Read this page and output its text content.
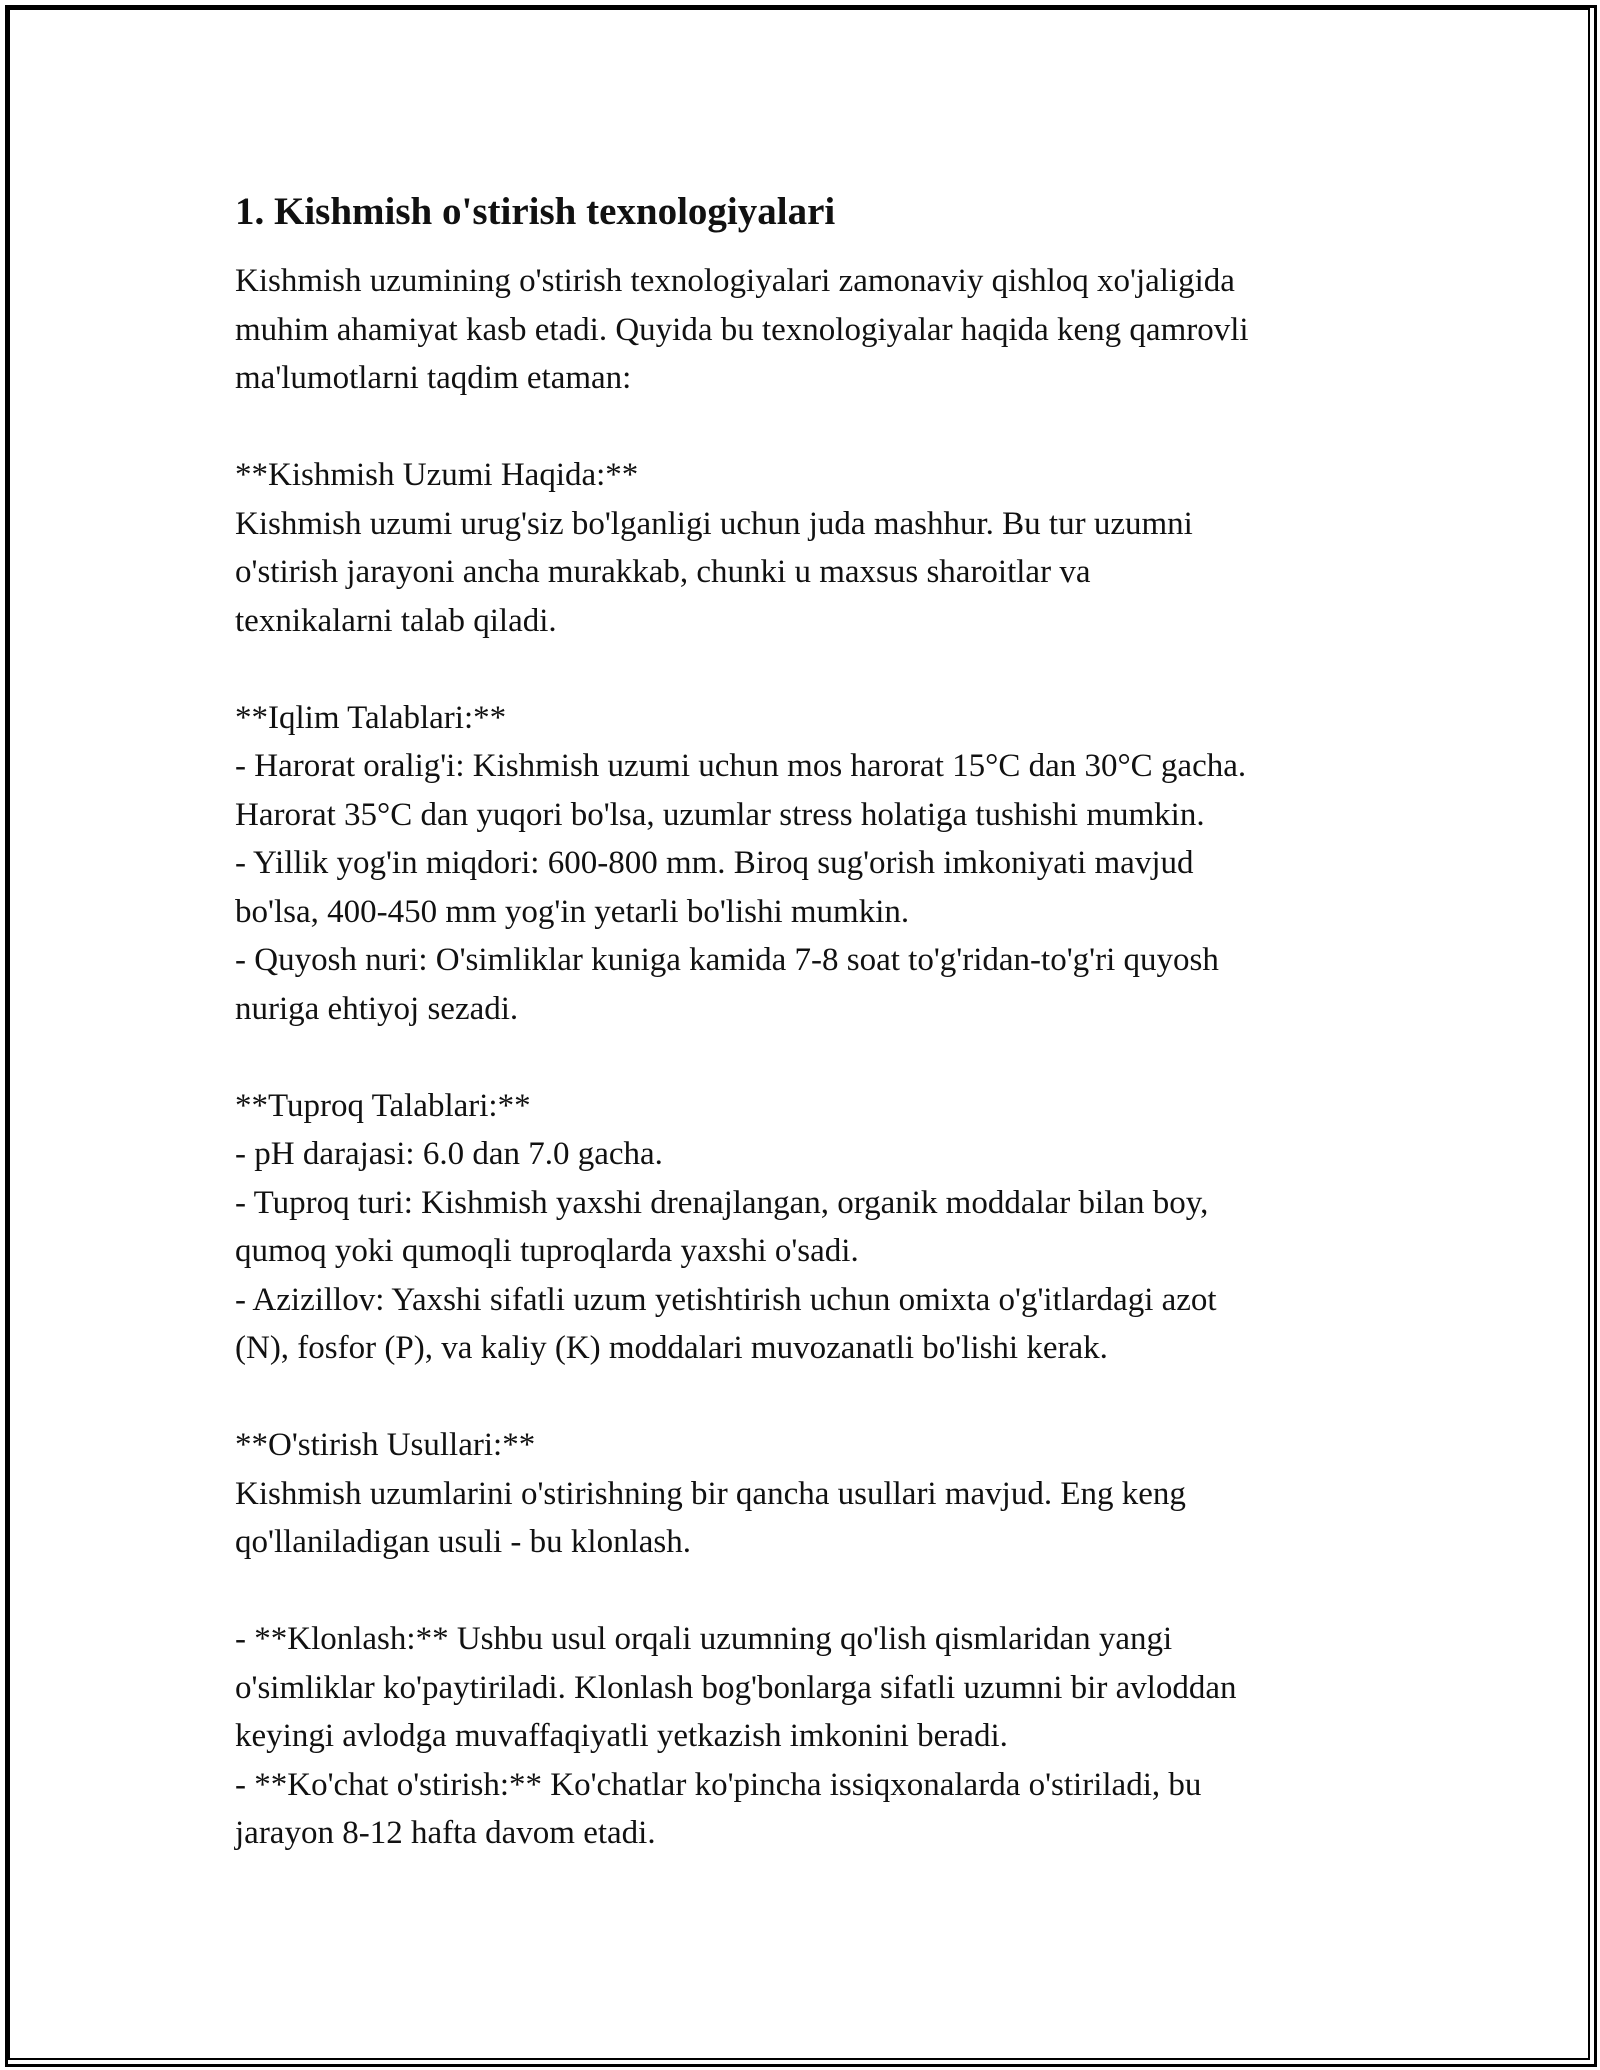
1. Kishmish o'stirish texnologiyalari

Kishmish uzumining o'stirish texnologiyalari zamonaviy qishloq xo'jaligida
muhim ahamiyat kasb etadi. Quyida bu texnologiyalar haqida keng qamrovli
ma'lumotlarni taqdim etaman:

**Kishmish Uzumi Haqida:**
Kishmish uzumi urug'siz bo'lganligi uchun juda mashhur. Bu tur uzumni
o'stirish jarayoni ancha murakkab, chunki u maxsus sharoitlar va
texnikalarni talab qiladi.

**Iqlim Talablari:**
- Harorat oralig'i: Kishmish uzumi uchun mos harorat 15°C dan 30°C gacha.
Harorat 35°C dan yuqori bo'lsa, uzumlar stress holatiga tushishi mumkin.
- Yillik yog'in miqdori: 600-800 mm. Biroq sug'orish imkoniyati mavjud
bo'lsa, 400-450 mm yog'in yetarli bo'lishi mumkin.
- Quyosh nuri: O'simliklar kuniga kamida 7-8 soat to'g'ridan-to'g'ri quyosh
nuriga ehtiyoj sezadi.

**Tuproq Talablari:**
- pH darajasi: 6.0 dan 7.0 gacha.
- Tuproq turi: Kishmish yaxshi drenajlangan, organik moddalar bilan boy,
qumoq yoki qumoqli tuproqlarda yaxshi o'sadi.
- Azizillov: Yaxshi sifatli uzum yetishtirish uchun omixta o'g'itlardagi azot
(N), fosfor (P), va kaliy (K) moddalari muvozanatli bo'lishi kerak.

**O'stirish Usullari:**
Kishmish uzumlarini o'stirishning bir qancha usullari mavjud. Eng keng
qo'llaniladigan usuli - bu klonlash.

- **Klonlash:** Ushbu usul orqali uzumning qo'lish qismlaridan yangi
o'simliklar ko'paytiriladi. Klonlash bog'bonlarga sifatli uzumni bir avloddan
keyingi avlodga muvaffaqiyatli yetkazish imkonini beradi.
- **Ko'chat o'stirish:** Ko'chatlar ko'pincha issiqxonalarda o'stiriladi, bu
jarayon 8-12 hafta davom etadi.
